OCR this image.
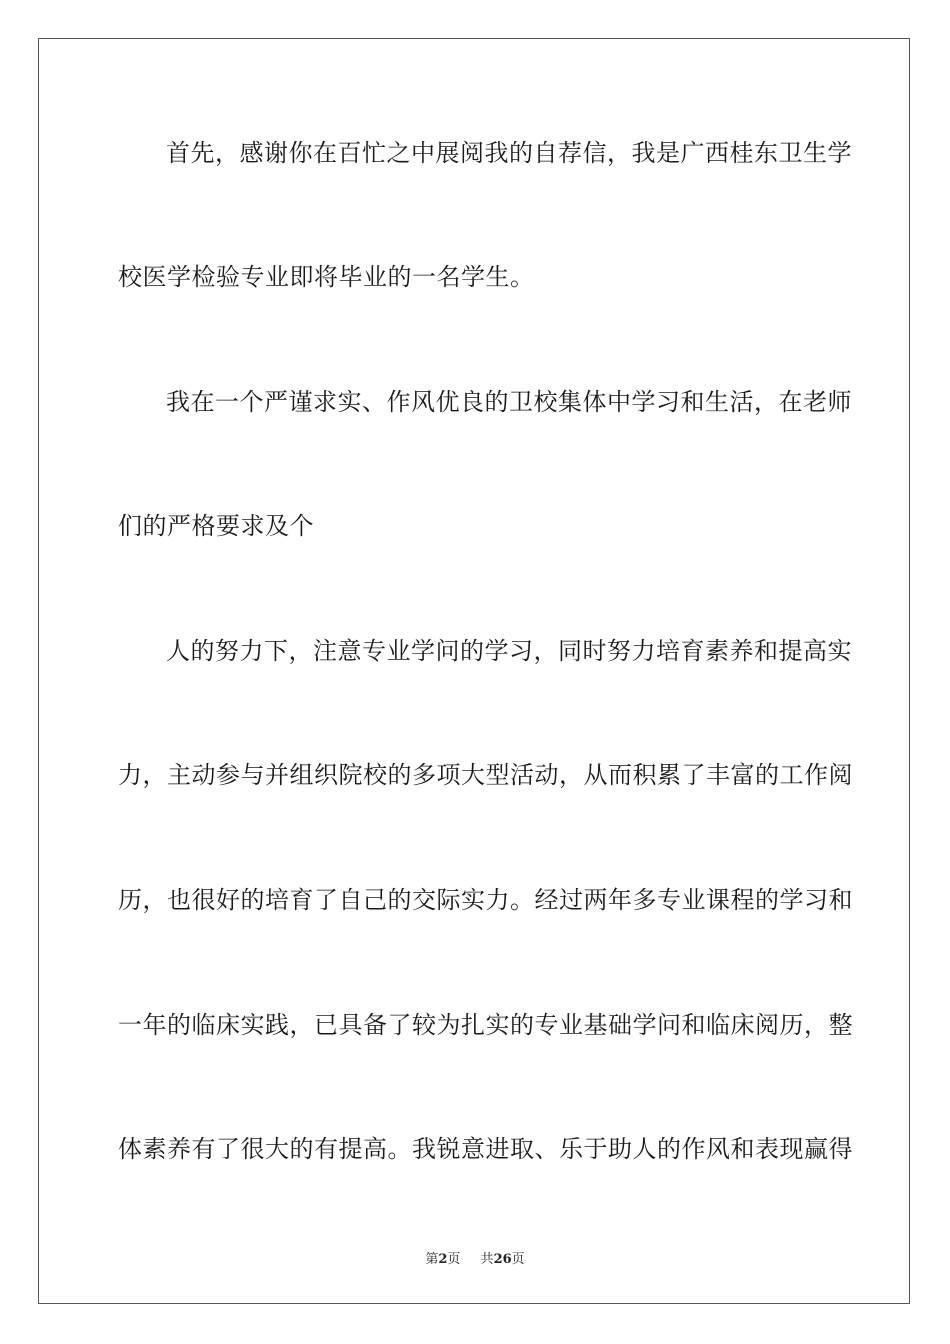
首先，感谢你在百忙之中展阅我的自荐信，我是广西桂东卫生学
校医学检验专业即将毕业的一名学生。
我在一个严谨求实、作风优良的卫校集体中学习和生活，在老师
们的严格要求及个
人的努力下，注意专业学问的学习，同时努力培育素养和提高实
力，主动参与并组织院校的多项大型活动，从而积累了丰富的工作阅
历，也很好的培育了自己的交际实力。经过两年多专业课程的学习和
一年的临床实践，已具备了较为扎实的专业基础学问和临床阅历，整
体素养有了很大的有提高。我锐意进取、乐于助人的作风和表现赢得
第2页 共26页
